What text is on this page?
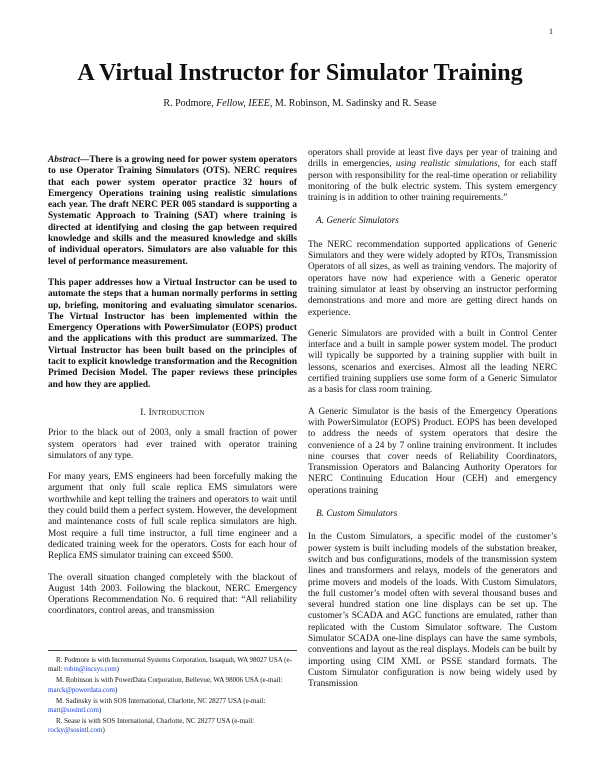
1
A Virtual Instructor for Simulator Training
R. Podmore, Fellow, IEEE, M. Robinson, M. Sadinsky and R. Sease

Abstract—There is a growing need for power system operators to use Operator Training Simulators (OTS). NERC requires that each power system operator practice 32 hours of Emergency Operations training using realistic simulations each year. The draft NERC PER 005 standard is supporting a Systematic Approach to Training (SAT) where training is directed at identifying and closing the gap between required knowledge and skills and the measured knowledge and skills of individual operators. Simulators are also valuable for this level of performance measurement.

This paper addresses how a Virtual Instructor can be used to automate the steps that a human normally performs in setting up, briefing, monitoring and evaluating simulator scenarios. The Virtual Instructor has been implemented within the Emergency Operations with PowerSimulator (EOPS) product and the applications with this product are summarized. The Virtual Instructor has been built based on the principles of tacit to explicit knowledge transformation and the Recognition Primed Decision Model. The paper reviews these principles and how they are applied.

I. Introduction

Prior to the black out of 2003, only a small fraction of power system operators had ever trained with operator training simulators of any type.

For many years, EMS engineers had been forcefully making the argument that only full scale replica EMS simulators were worthwhile and kept telling the trainers and operators to wait until they could build them a perfect system. However, the development and maintenance costs of full scale replica simulators are high. Most require a full time instructor, a full time engineer and a dedicated training week for the operators. Costs for each hour of Replica EMS simulator training can exceed $500.

The overall situation changed completely with the blackout of August 14th 2003. Following the blackout, NERC Emergency Operations Recommendation No. 6 required that: “All reliability coordinators, control areas, and transmission

R. Podmore is with Incremental Systems Corporation, Issaquah, WA 98027 USA (e-mail: robin@incsys.com)

M. Robinson is with PowerData Corporation, Bellevue, WA 98006 USA (e-mail: marck@powerdata.com)

M. Sadinsky is with SOS International, Charlotte, NC 28277 USA (e-mail: matt@sosintl.com)

R. Sease is with SOS International, Charlotte, NC 28277 USA (e-mail: rocky@sosintl.com)

operators shall provide at least five days per year of training and drills in emergencies, using realistic simulations, for each staff person with responsibility for the real-time operation or reliability monitoring of the bulk electric system. This system emergency training is in addition to other training requirements.”

A. Generic Simulators

The NERC recommendation supported applications of Generic Simulators and they were widely adopted by RTOs, Transmission Operators of all sizes, as well as training vendors. The majority of operators have now had experience with a Generic operator training simulator at least by observing an instructor performing demonstrations and more and more are getting direct hands on experience.

Generic Simulators are provided with a built in Control Center interface and a built in sample power system model. The product will typically be supported by a training supplier with built in lessons, scenarios and exercises. Almost all the leading NERC certified training suppliers use some form of a Generic Simulator as a basis for class room training.

A Generic Simulator is the basis of the Emergency Operations with PowerSimulator (EOPS) Product. EOPS has been developed to address the needs of system operators that desire the convenience of a 24 by 7 online training environment. It includes nine courses that cover needs of Reliability Coordinators, Transmission Operators and Balancing Authority Operators for NERC Continuing Education Hour (CEH) and emergency operations training

B. Custom Simulators

In the Custom Simulators, a specific model of the customer’s power system is built including models of the substation breaker, switch and bus configurations, models of the transmission system lines and transformers and relays, models of the generators and prime movers and models of the loads. With Custom Simulators, the full customer’s model often with several thousand buses and several hundred station one line displays can be set up. The customer’s SCADA and AGC functions are emulated, rather than replicated with the Custom Simulator software. The Custom Simulator SCADA one-line displays can have the same symbols, conventions and layout as the real displays. Models can be built by importing using CIM XML or PSSE standard formats. The Custom Simulator configuration is now being widely used by Transmission
